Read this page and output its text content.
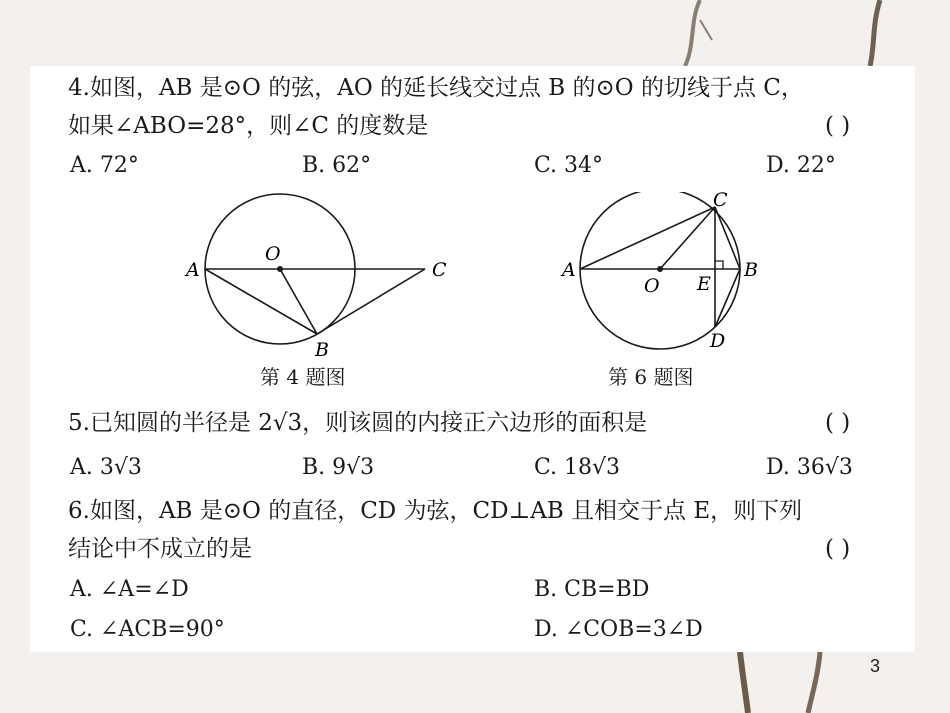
4.如图，AB 是⊙O 的弦，AO 的延长线交过点 B 的⊙O 的切线于点 C，
如果∠ABO=28°，则∠C 的度数是	( )
A. 72°	B. 62°	C. 34°	D. 22°
A
O
C
B
第 4 题图
A
O E
B
C
D
第 6 题图
5.已知圆的半径是 2√3，则该圆的内接正六边形的面积是	( )
A. 3√3	B. 9√3	C. 18√3	D. 36√3
6.如图，AB 是⊙O 的直径，CD 为弦，CD⊥AB 且相交于点 E，则下列
结论中不成立的是	( )
A. ∠A=∠D	B. CB=BD
C. ∠ACB=90°	D. ∠COB=3∠D
3
